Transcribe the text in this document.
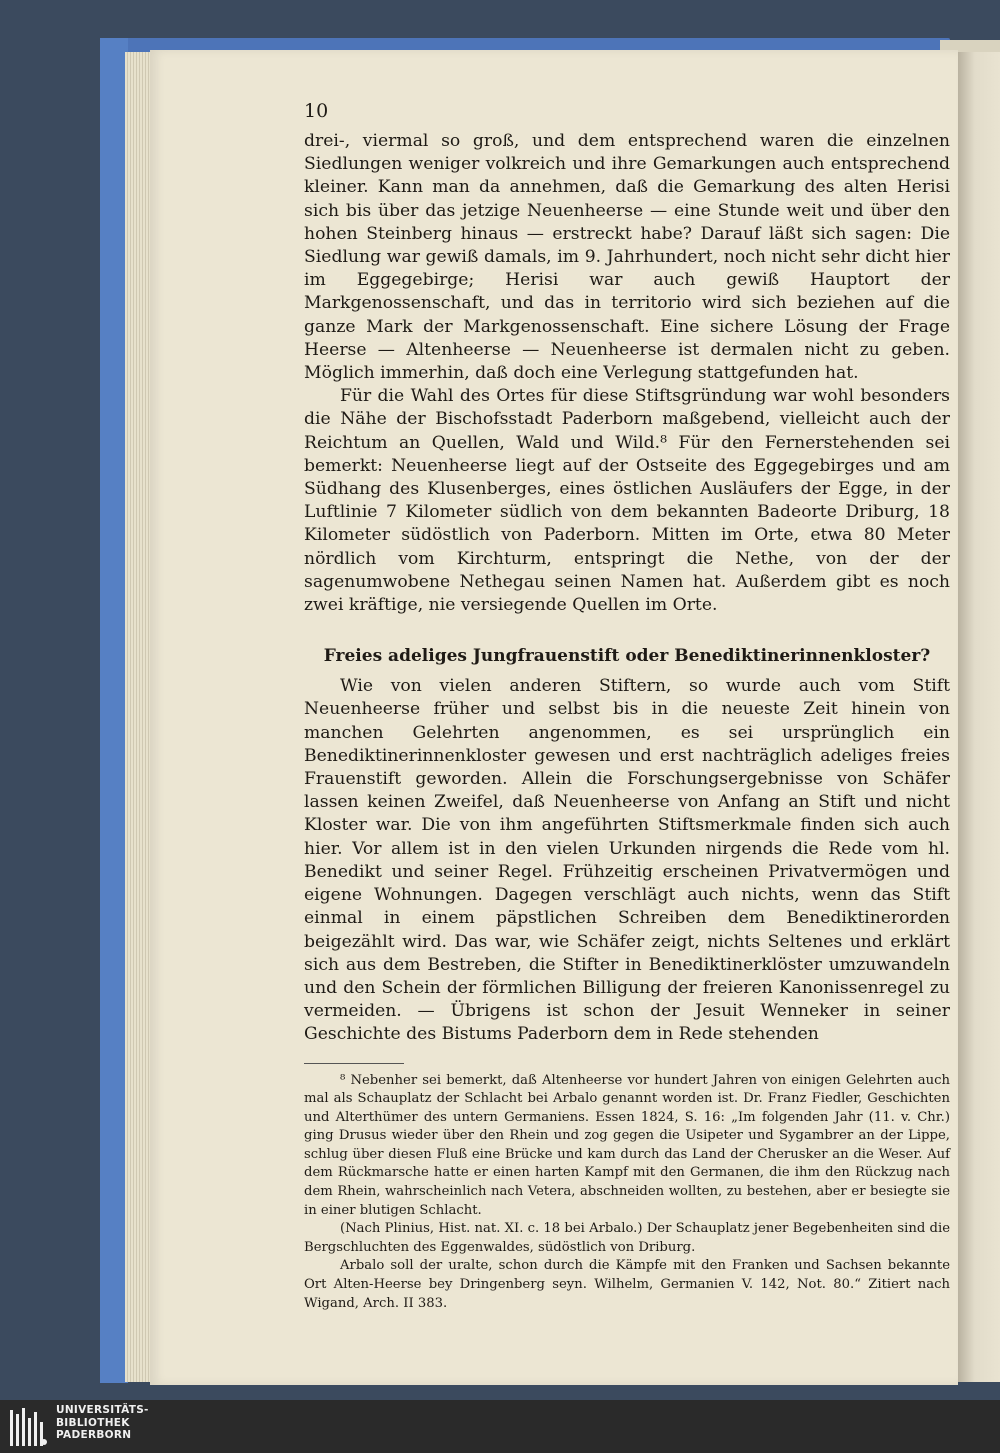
10

drei-, viermal so groß, und dem entsprechend waren die einzelnen Siedlungen weniger volkreich und ihre Gemarkungen auch entsprechend kleiner. Kann man da annehmen, daß die Gemarkung des alten Herisi sich bis über das jetzige Neuenheerse — eine Stunde weit und über den hohen Steinberg hinaus — erstreckt habe? Darauf läßt sich sagen: Die Siedlung war gewiß damals, im 9. Jahrhundert, noch nicht sehr dicht hier im Eggegebirge; Herisi war auch gewiß Hauptort der Markgenossenschaft, und das in territorio wird sich beziehen auf die ganze Mark der Markgenossenschaft. Eine sichere Lösung der Frage Heerse — Altenheerse — Neuenheerse ist dermalen nicht zu geben. Möglich immerhin, daß doch eine Verlegung stattgefunden hat.

Für die Wahl des Ortes für diese Stiftsgründung war wohl besonders die Nähe der Bischofsstadt Paderborn maßgebend, vielleicht auch der Reichtum an Quellen, Wald und Wild.⁸ Für den Fernerstehenden sei bemerkt: Neuenheerse liegt auf der Ostseite des Eggegebirges und am Südhang des Klusenberges, eines östlichen Ausläufers der Egge, in der Luftlinie 7 Kilometer südlich von dem bekannten Badeorte Driburg, 18 Kilometer südöstlich von Paderborn. Mitten im Orte, etwa 80 Meter nördlich vom Kirchturm, entspringt die Nethe, von der der sagenumwobene Nethegau seinen Namen hat. Außerdem gibt es noch zwei kräftige, nie versiegende Quellen im Orte.

Freies adeliges Jungfrauenstift oder Benediktinerinnenkloster?

Wie von vielen anderen Stiftern, so wurde auch vom Stift Neuenheerse früher und selbst bis in die neueste Zeit hinein von manchen Gelehrten angenommen, es sei ursprünglich ein Benediktinerinnenkloster gewesen und erst nachträglich adeliges freies Frauenstift geworden. Allein die Forschungsergebnisse von Schäfer lassen keinen Zweifel, daß Neuenheerse von Anfang an Stift und nicht Kloster war. Die von ihm angeführten Stiftsmerkmale finden sich auch hier. Vor allem ist in den vielen Urkunden nirgends die Rede vom hl. Benedikt und seiner Regel. Frühzeitig erscheinen Privatvermögen und eigene Wohnungen. Dagegen verschlägt auch nichts, wenn das Stift einmal in einem päpstlichen Schreiben dem Benediktinerorden beigezählt wird. Das war, wie Schäfer zeigt, nichts Seltenes und erklärt sich aus dem Bestreben, die Stifter in Benediktinerklöster umzuwandeln und den Schein der förmlichen Billigung der freieren Kanonissenregel zu vermeiden. — Übrigens ist schon der Jesuit Wenneker in seiner Geschichte des Bistums Paderborn dem in Rede stehenden

⁸ Nebenher sei bemerkt, daß Altenheerse vor hundert Jahren von einigen Gelehrten auch mal als Schauplatz der Schlacht bei Arbalo genannt worden ist. Dr. Franz Fiedler, Geschichten und Alterthümer des untern Germaniens. Essen 1824, S. 16: „Im folgenden Jahr (11. v. Chr.) ging Drusus wieder über den Rhein und zog gegen die Usipeter und Sygambrer an der Lippe, schlug über diesen Fluß eine Brücke und kam durch das Land der Cherusker an die Weser. Auf dem Rückmarsche hatte er einen harten Kampf mit den Germanen, die ihm den Rückzug nach dem Rhein, wahrscheinlich nach Vetera, abschneiden wollten, zu bestehen, aber er besiegte sie in einer blutigen Schlacht.

(Nach Plinius, Hist. nat. XI. c. 18 bei Arbalo.) Der Schauplatz jener Begebenheiten sind die Bergschluchten des Eggenwaldes, südöstlich von Driburg.

Arbalo soll der uralte, schon durch die Kämpfe mit den Franken und Sachsen bekannte Ort Alten-Heerse bey Dringenberg seyn. Wilhelm, Germanien V. 142, Not. 80.“ Zitiert nach Wigand, Arch. II 383.

UNIVERSITÄTS-
BIBLIOTHEK
PADERBORN
